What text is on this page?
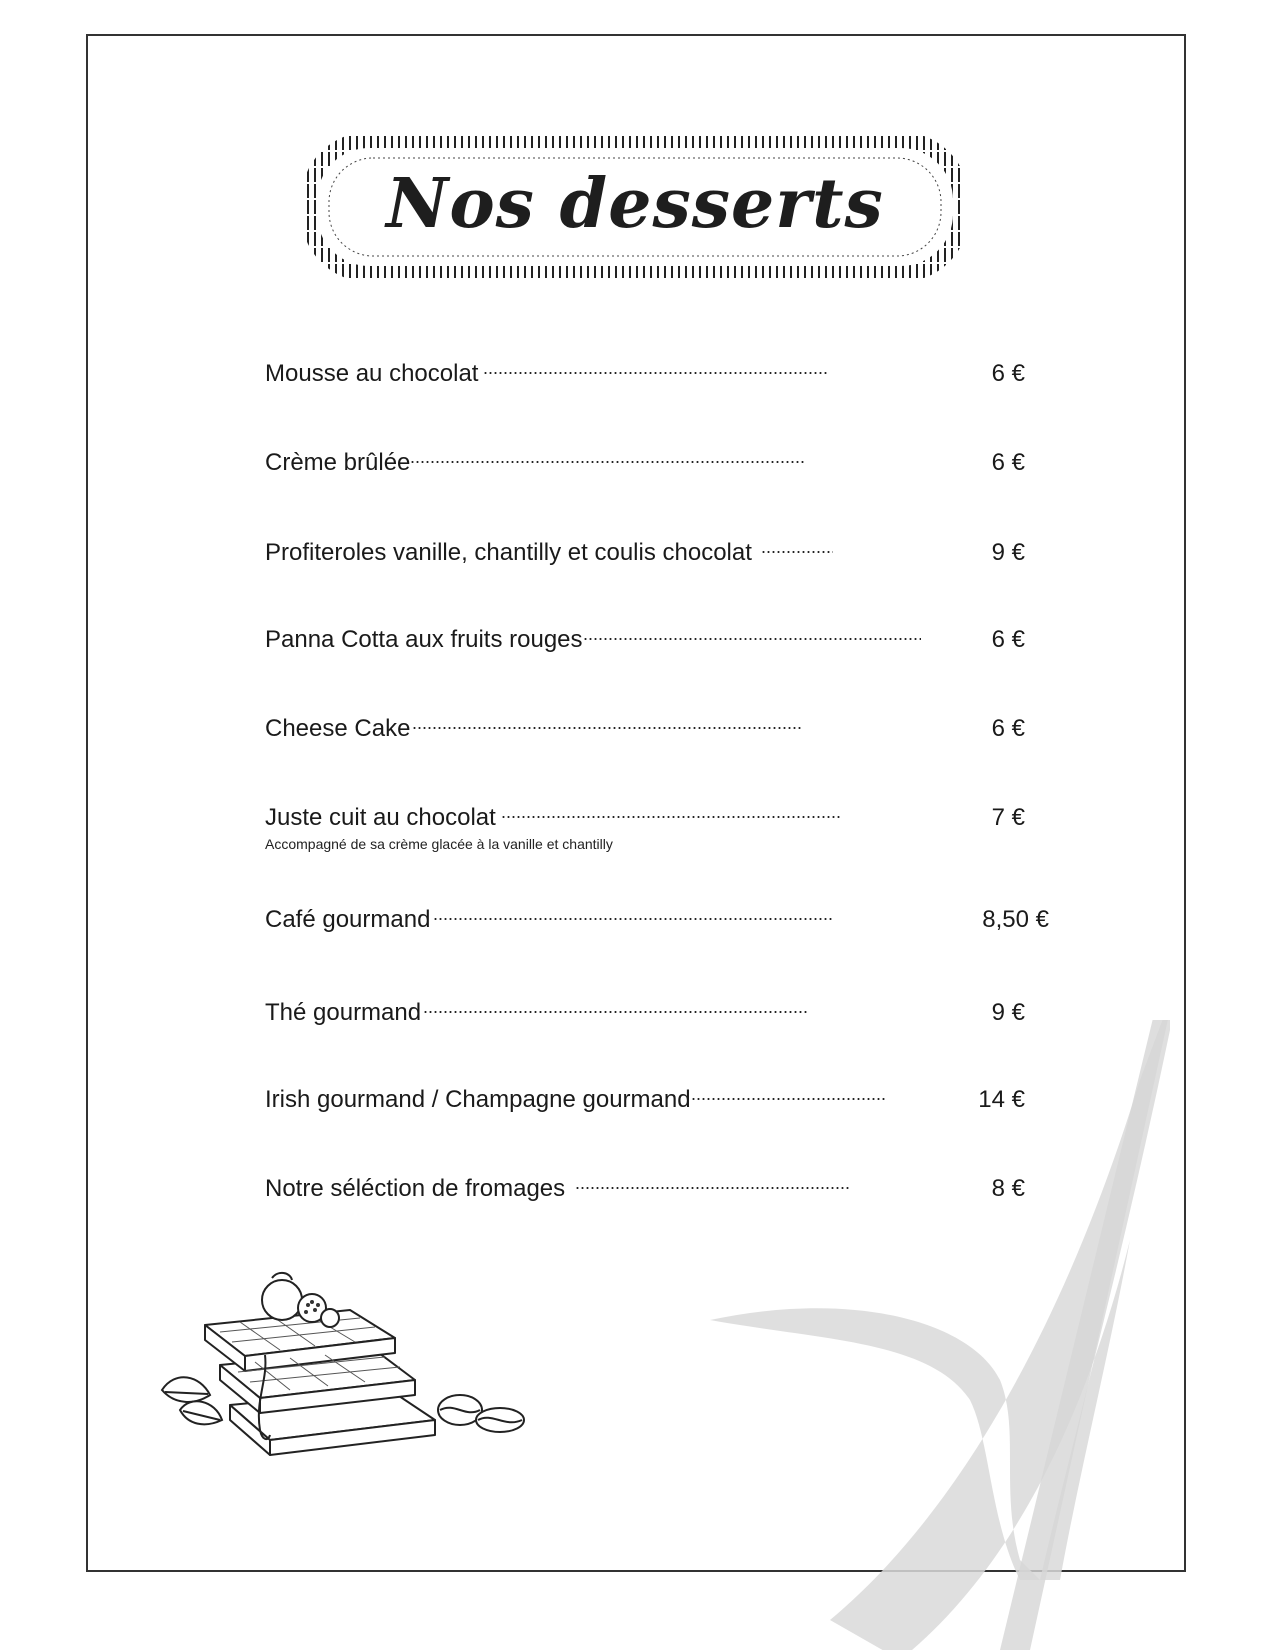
Nos desserts
Mousse au chocolat	6 €
Crème brûlée	6 €
Profiteroles vanille, chantilly et coulis chocolat	9 €
Panna Cotta aux fruits rouges	6 €
Cheese Cake	6 €
Juste cuit au chocolat	7 €
Accompagné de sa crème glacée à la vanille et chantilly
Café gourmand	8,50 €
Thé gourmand	9 €
Irish gourmand / Champagne gourmand	14 €
Notre séléction de fromages	8 €
